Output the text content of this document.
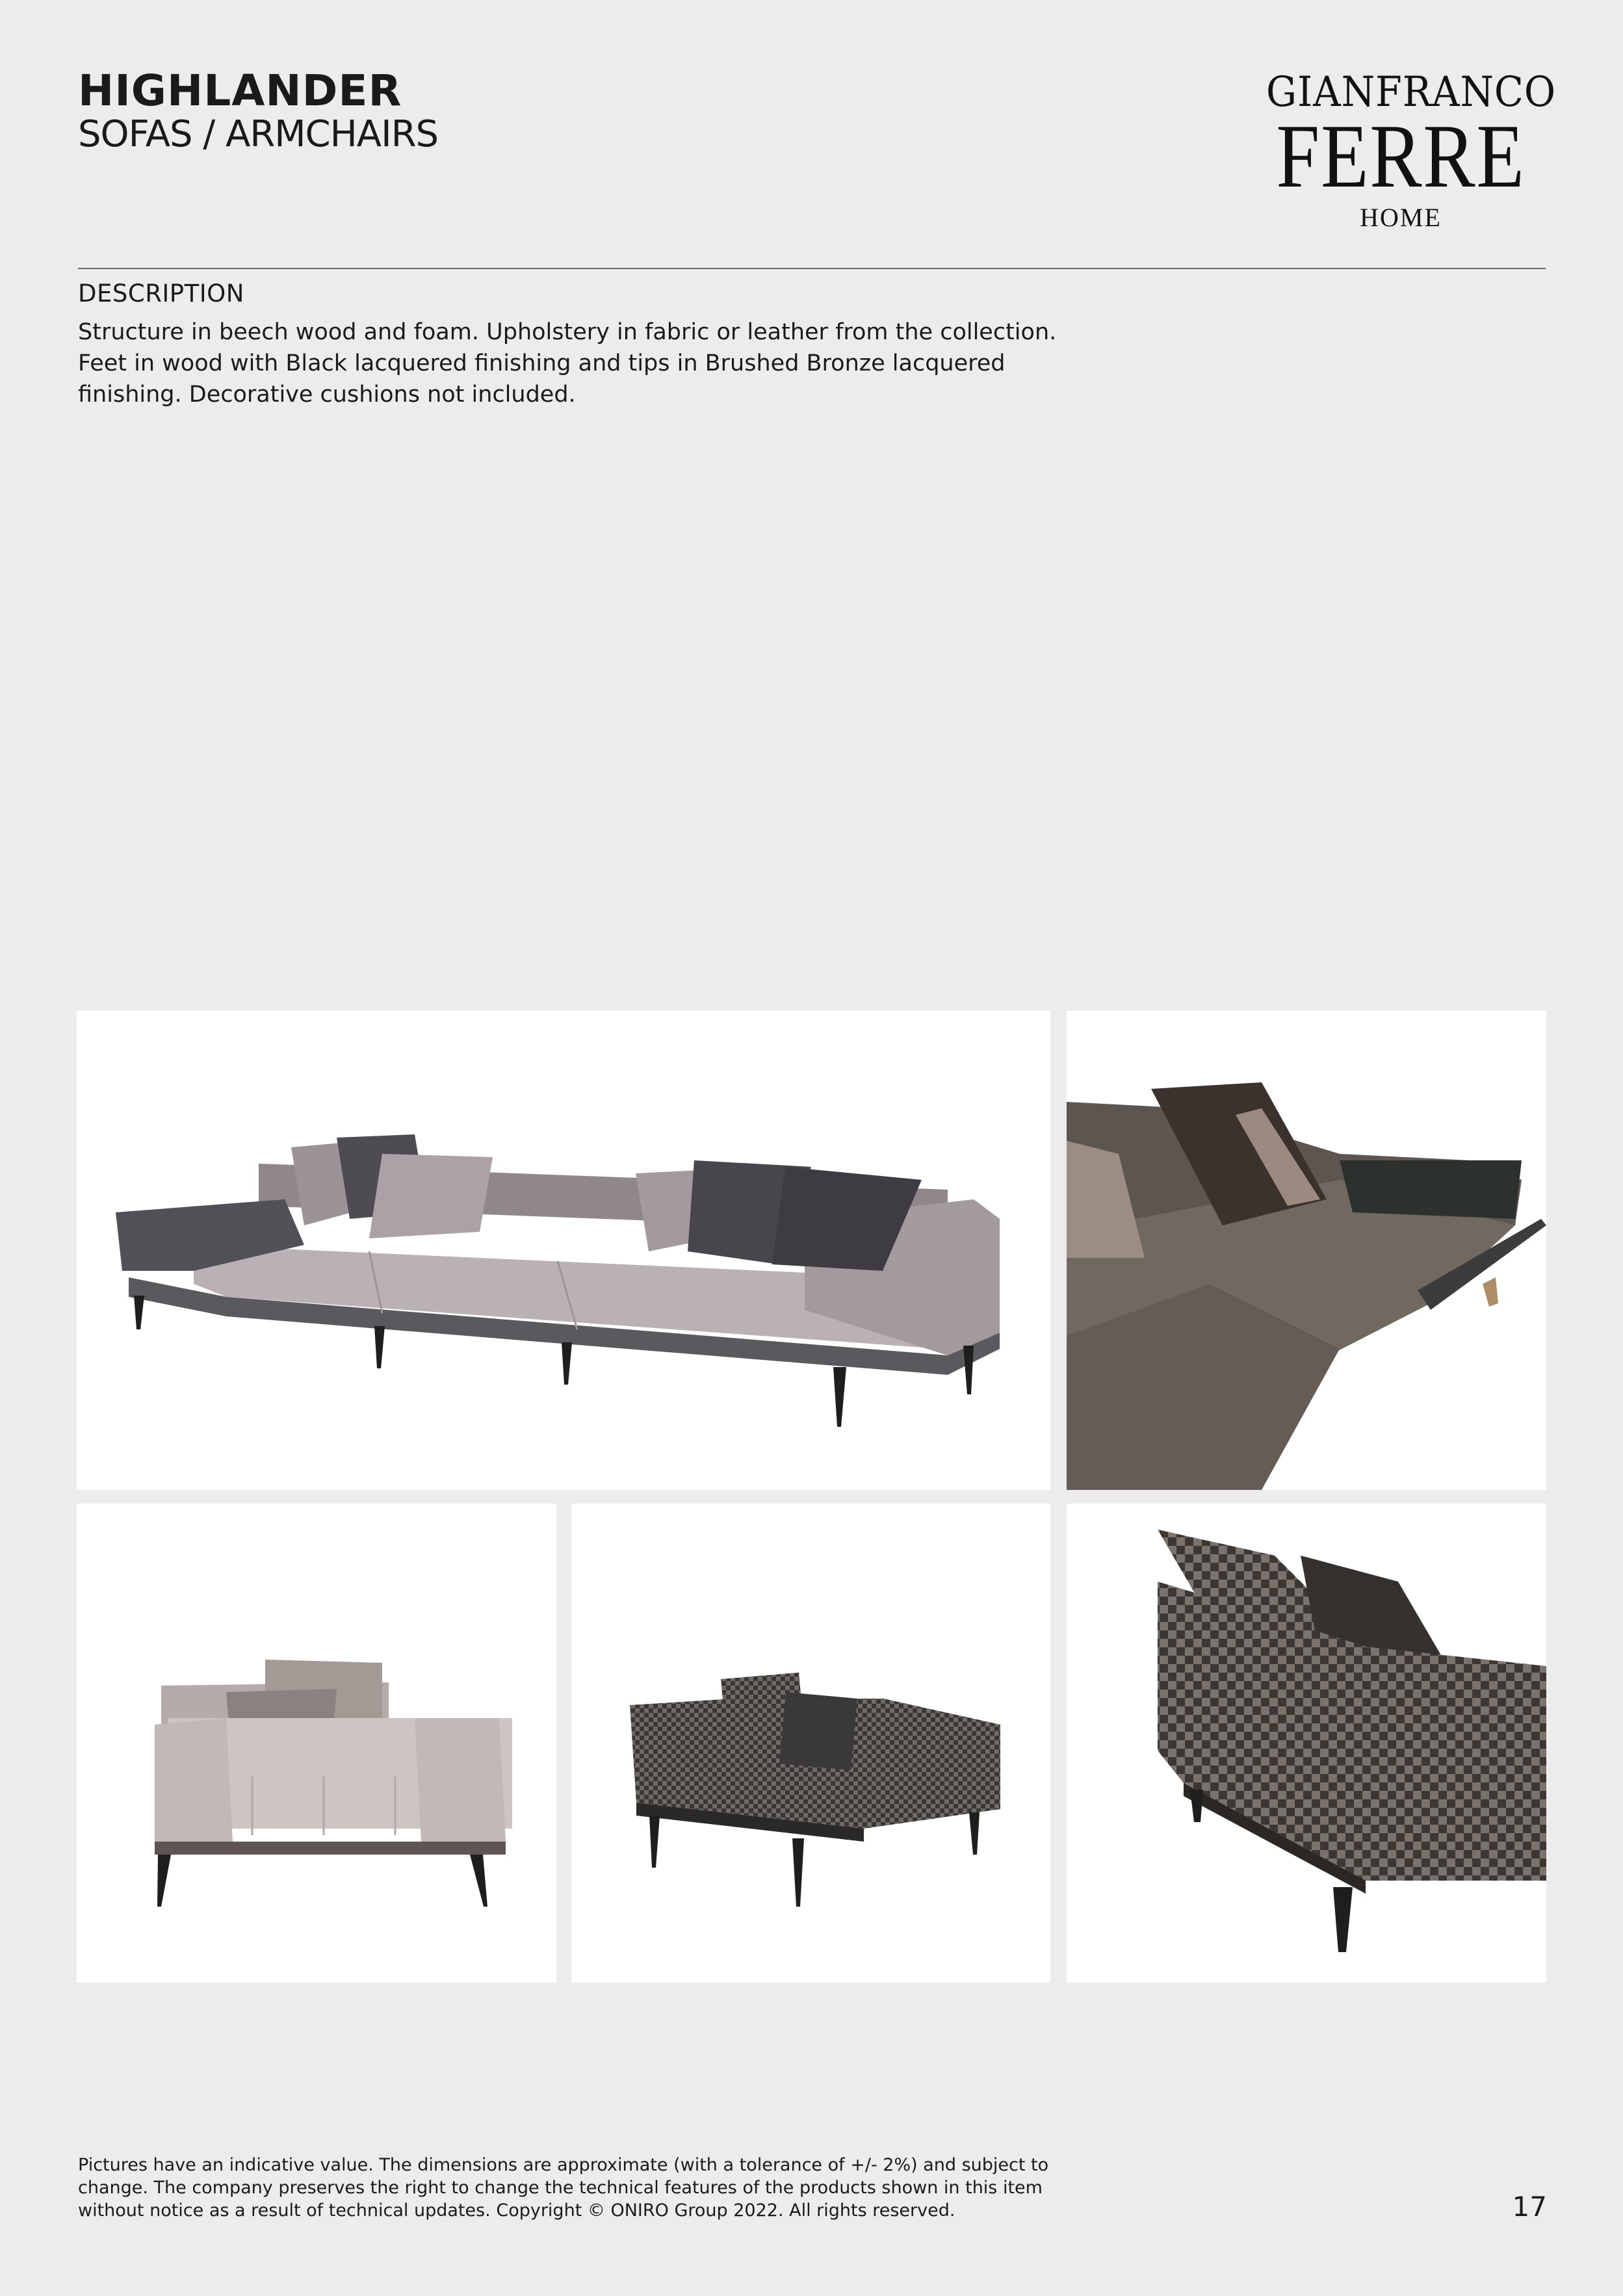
HIGHLANDER
SOFAS / ARMCHAIRS
GIANFRANCO
FERRE
HOME
DESCRIPTION
Structure in beech wood and foam. Upholstery in fabric or leather from the collection. Feet in wood with Black lacquered finishing and tips in Brushed Bronze lacquered finishing. Decorative cushions not included.
Pictures have an indicative value. The dimensions are approximate (with a tolerance of +/- 2%) and subject to change. The company preserves the right to change the technical features of the products shown in this item without notice as a result of technical updates. Copyright © ONIRO Group 2022. All rights reserved.	17
